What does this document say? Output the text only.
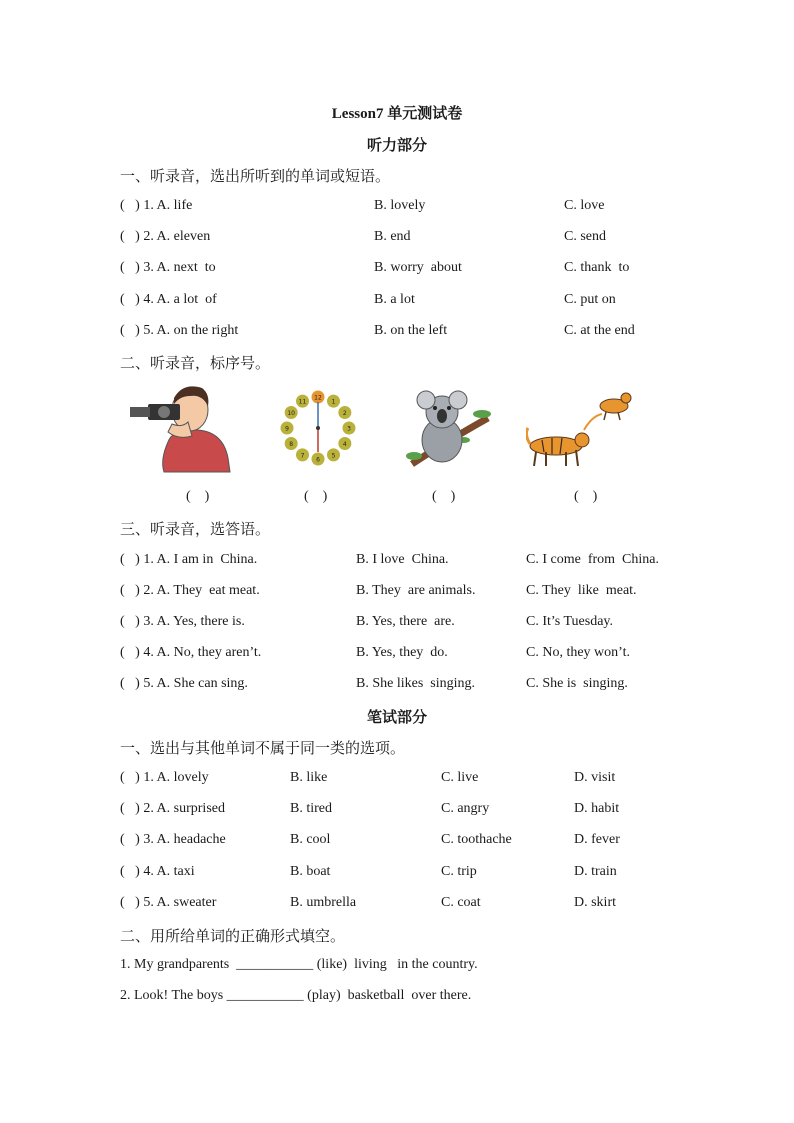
Lesson7 单元测试卷
听力部分
一、听录音，选出所听到的单词或短语。
(   ) 1. A. life	B. lovely	C. love
(   ) 2. A. eleven	B. end	C. send
(   ) 3. A. next  to	B. worry  about	C. thank  to
(   ) 4. A. a lot  of	B. a lot	C. put on
(   ) 5. A. on the right	B. on the left	C. at the end
二、听录音，标序号。
12
1
2
3
4
5
6
7
8
9
10
11
(    )	(    )	(    )	(    )
三、听录音，选答语。
(   ) 1. A. I am in  China.	B. I love  China.	C. I come  from  China.
(   ) 2. A. They  eat meat.	B. They  are animals.	C. They  like  meat.
(   ) 3. A. Yes, there is.	B. Yes, there  are.	C. It’s Tuesday.
(   ) 4. A. No, they aren’t.	B. Yes, they  do.	C. No, they won’t.
(   ) 5. A. She can sing.	B. She likes  singing.	C. She is  singing.
笔试部分
一、选出与其他单词不属于同一类的选项。
(   ) 1. A. lovely	B. like	C. live	D. visit
(   ) 2. A. surprised	B. tired	C. angry	D. habit
(   ) 3. A. headache	B. cool	C. toothache	D. fever
(   ) 4. A. taxi	B. boat	C. trip	D. train
(   ) 5. A. sweater	B. umbrella	C. coat	D. skirt
二、用所给单词的正确形式填空。
1. My grandparents  ___________ (like)  living   in the country.
2. Look! The boys ___________ (play)  basketball  over there.
